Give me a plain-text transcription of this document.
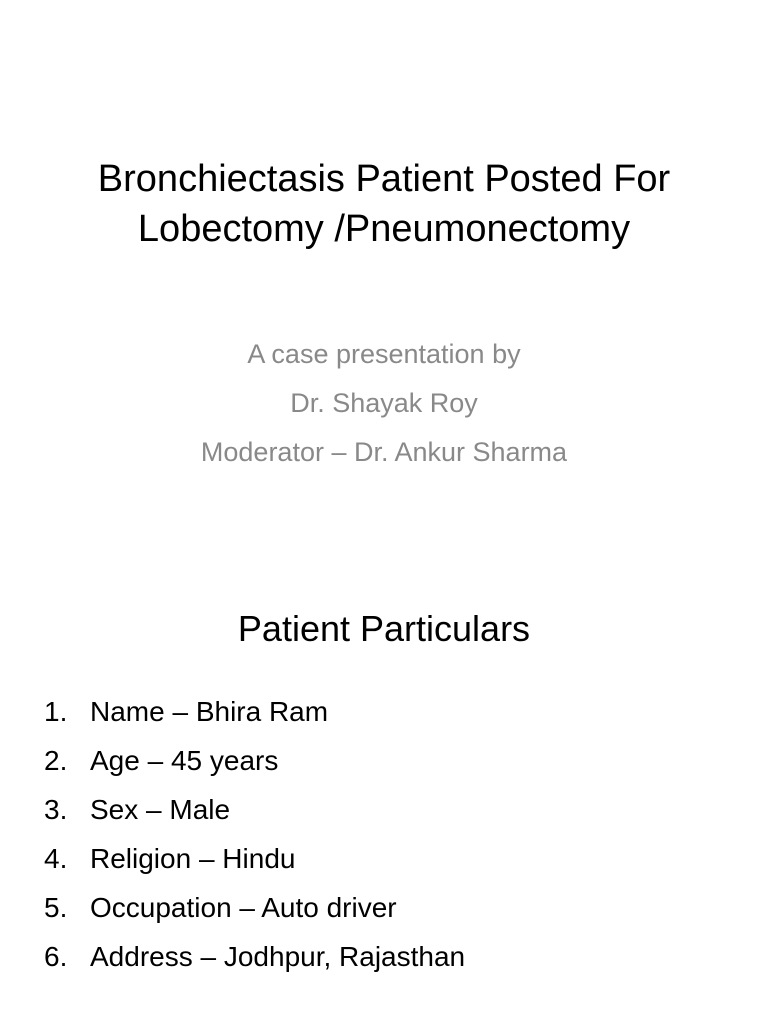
Bronchiectasis Patient Posted For
Lobectomy /Pneumonectomy
A case presentation by
Dr. Shayak Roy
Moderator – Dr. Ankur Sharma
Patient Particulars
1. Name – Bhira Ram
2. Age – 45 years
3. Sex – Male
4. Religion – Hindu
5. Occupation – Auto driver
6. Address – Jodhpur, Rajasthan
